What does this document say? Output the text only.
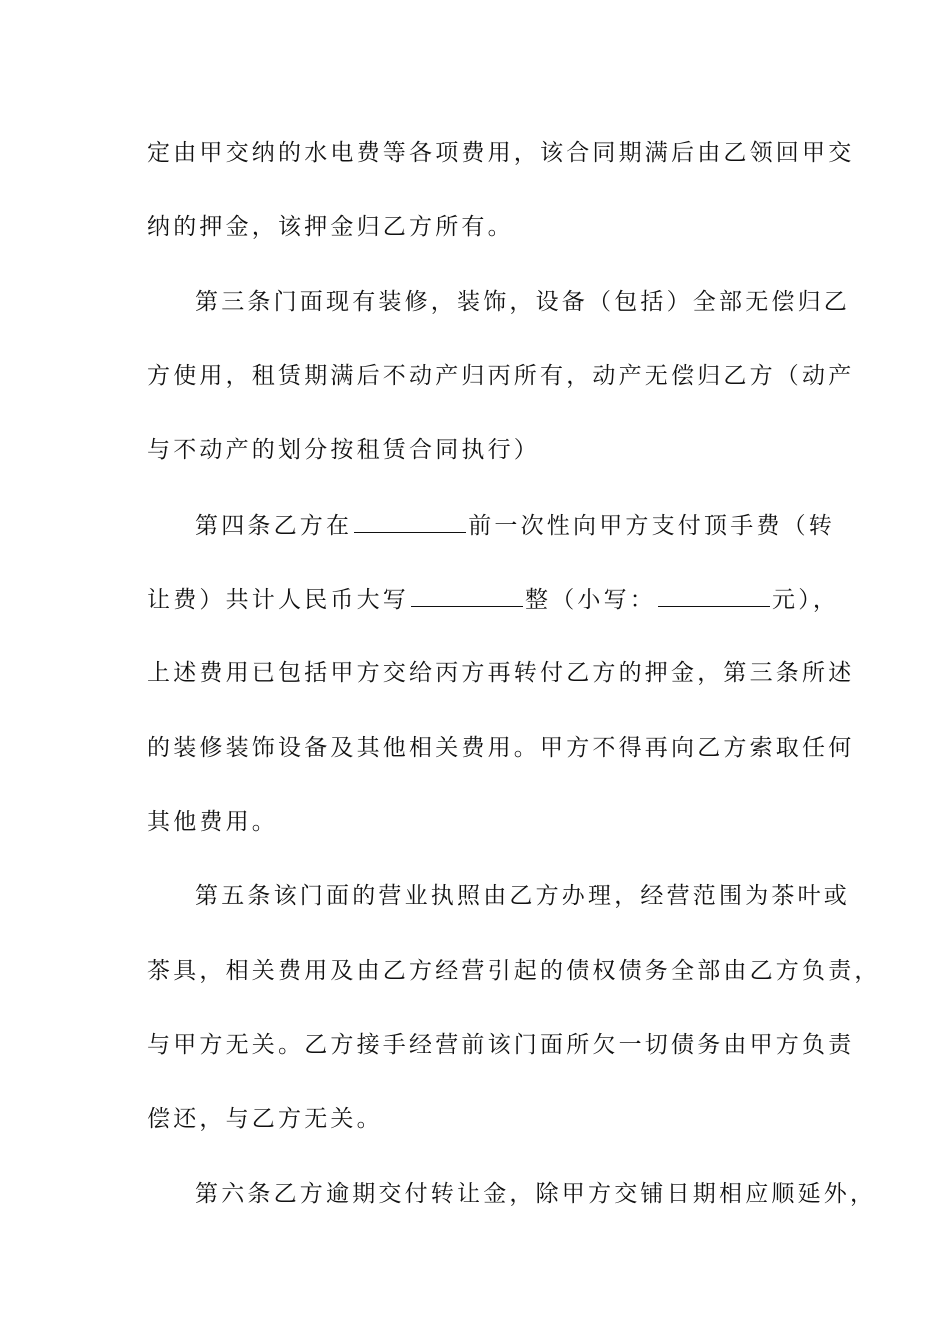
定由甲交纳的水电费等各项费用，该合同期满后由乙领回甲交
纳的押金，该押金归乙方所有。
第三条门面现有装修，装饰，设备（包括）全部无偿归乙
方使用，租赁期满后不动产归丙所有，动产无偿归乙方（动产
与不动产的划分按租赁合同执行）
第四条乙方在	前一次性向甲方支付顶手费（转
让费）共计人民币大写	整（小写：	元），
上述费用已包括甲方交给丙方再转付乙方的押金，第三条所述
的装修装饰设备及其他相关费用。甲方不得再向乙方索取任何
其他费用。
第五条该门面的营业执照由乙方办理，经营范围为茶叶或
茶具，相关费用及由乙方经营引起的债权债务全部由乙方负责，
与甲方无关。乙方接手经营前该门面所欠一切债务由甲方负责
偿还，与乙方无关。
第六条乙方逾期交付转让金，除甲方交铺日期相应顺延外，
